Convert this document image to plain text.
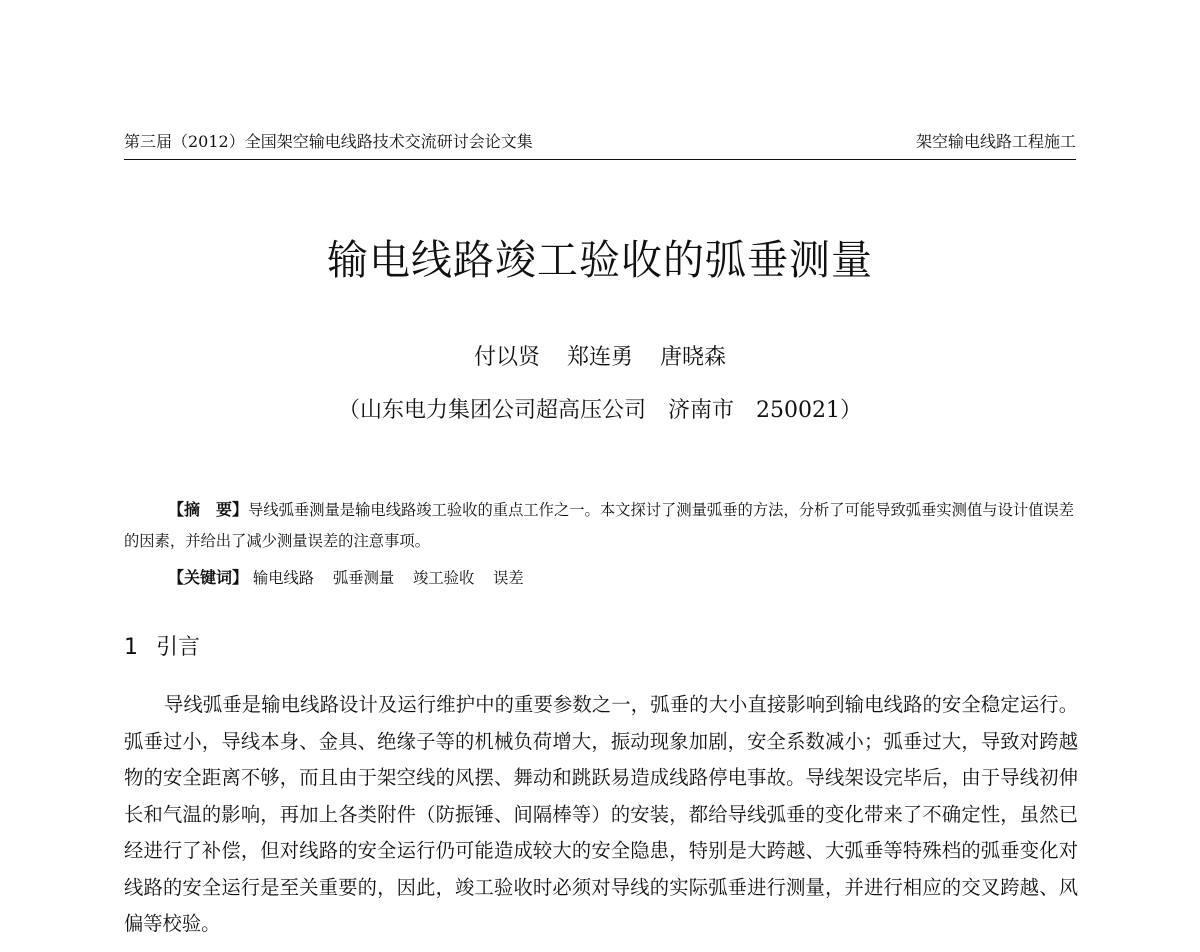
第三届（2012）全国架空输电线路技术交流研讨会论文集	架空输电线路工程施工
输电线路竣工验收的弧垂测量
付以贤 郑连勇 唐晓森
（山东电力集团公司超高压公司　济南市　250021）

【摘　要】导线弧垂测量是输电线路竣工验收的重点工作之一。本文探讨了测量弧垂的方法，分析了可能导致弧垂实测值与设计值误差的因素，并给出了减少测量误差的注意事项。

【关键词】 输电线路 弧垂测量 竣工验收 误差
1 引言

导线弧垂是输电线路设计及运行维护中的重要参数之一，弧垂的大小直接影响到输电线路的安全稳定运行。弧垂过小，导线本身、金具、绝缘子等的机械负荷增大，振动现象加剧，安全系数减小；弧垂过大，导致对跨越物的安全距离不够，而且由于架空线的风摆、舞动和跳跃易造成线路停电事故。导线架设完毕后，由于导线初伸长和气温的影响，再加上各类附件（防振锤、间隔棒等）的安装，都给导线弧垂的变化带来了不确定性，虽然已经进行了补偿，但对线路的安全运行仍可能造成较大的安全隐患，特别是大跨越、大弧垂等特殊档的弧垂变化对线路的安全运行是至关重要的，因此，竣工验收时必须对导线的实际弧垂进行测量，并进行相应的交叉跨越、风偏等校验。
